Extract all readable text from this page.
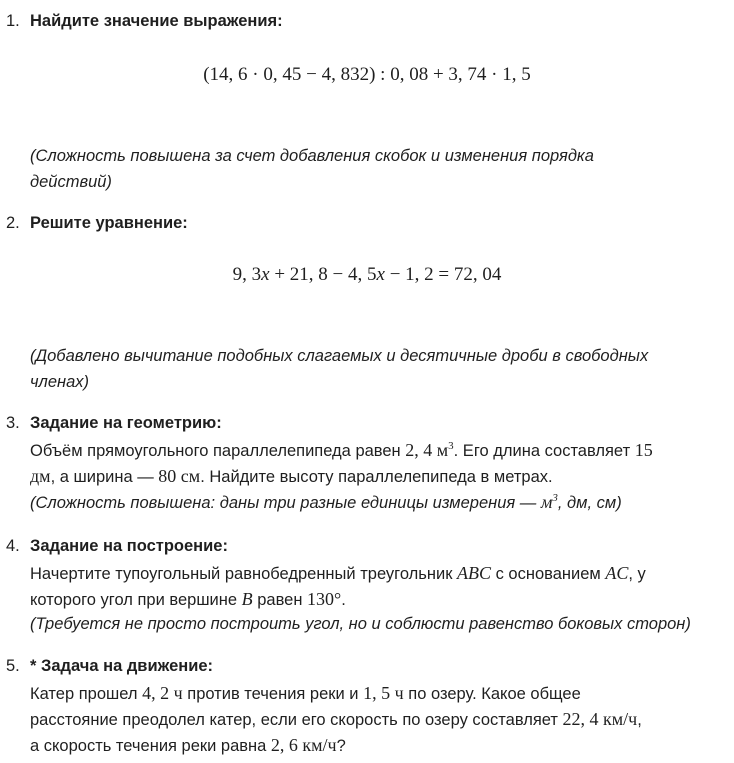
1. Найдите значение выражения:
(14, 6 · 0, 45 − 4, 832) : 0, 08 + 3, 74 · 1, 5
(Сложность повышена за счет добавления скобок и изменения порядка
действий)
2. Решите уравнение:
9, 3x + 21, 8 − 4, 5x − 1, 2 = 72, 04
(Добавлено вычитание подобных слагаемых и десятичные дроби в свободных
членах)
3. Задание на геометрию:
Объём прямоугольного параллелепипеда равен 2, 4 $м^3$. Его длина составляет 15
дм, а ширина — 80 см. Найдите высоту параллелепипеда в метрах.
(Сложность повышена: даны три разные единицы измерения — $м^3$, дм, см)
4. Задание на построение:
Начертите тупоугольный равнобедренный треугольник ABC с основанием AC, у
которого угол при вершине B равен 130°.
(Требуется не просто построить угол, но и соблюсти равенство боковых сторон)
5. * Задача на движение:
Катер прошел 4, 2 ч против течения реки и 1, 5 ч по озеру. Какое общее
расстояние преодолел катер, если его скорость по озеру составляет 22, 4 км/ч,
а скорость течения реки равна 2, 6 км/ч?
